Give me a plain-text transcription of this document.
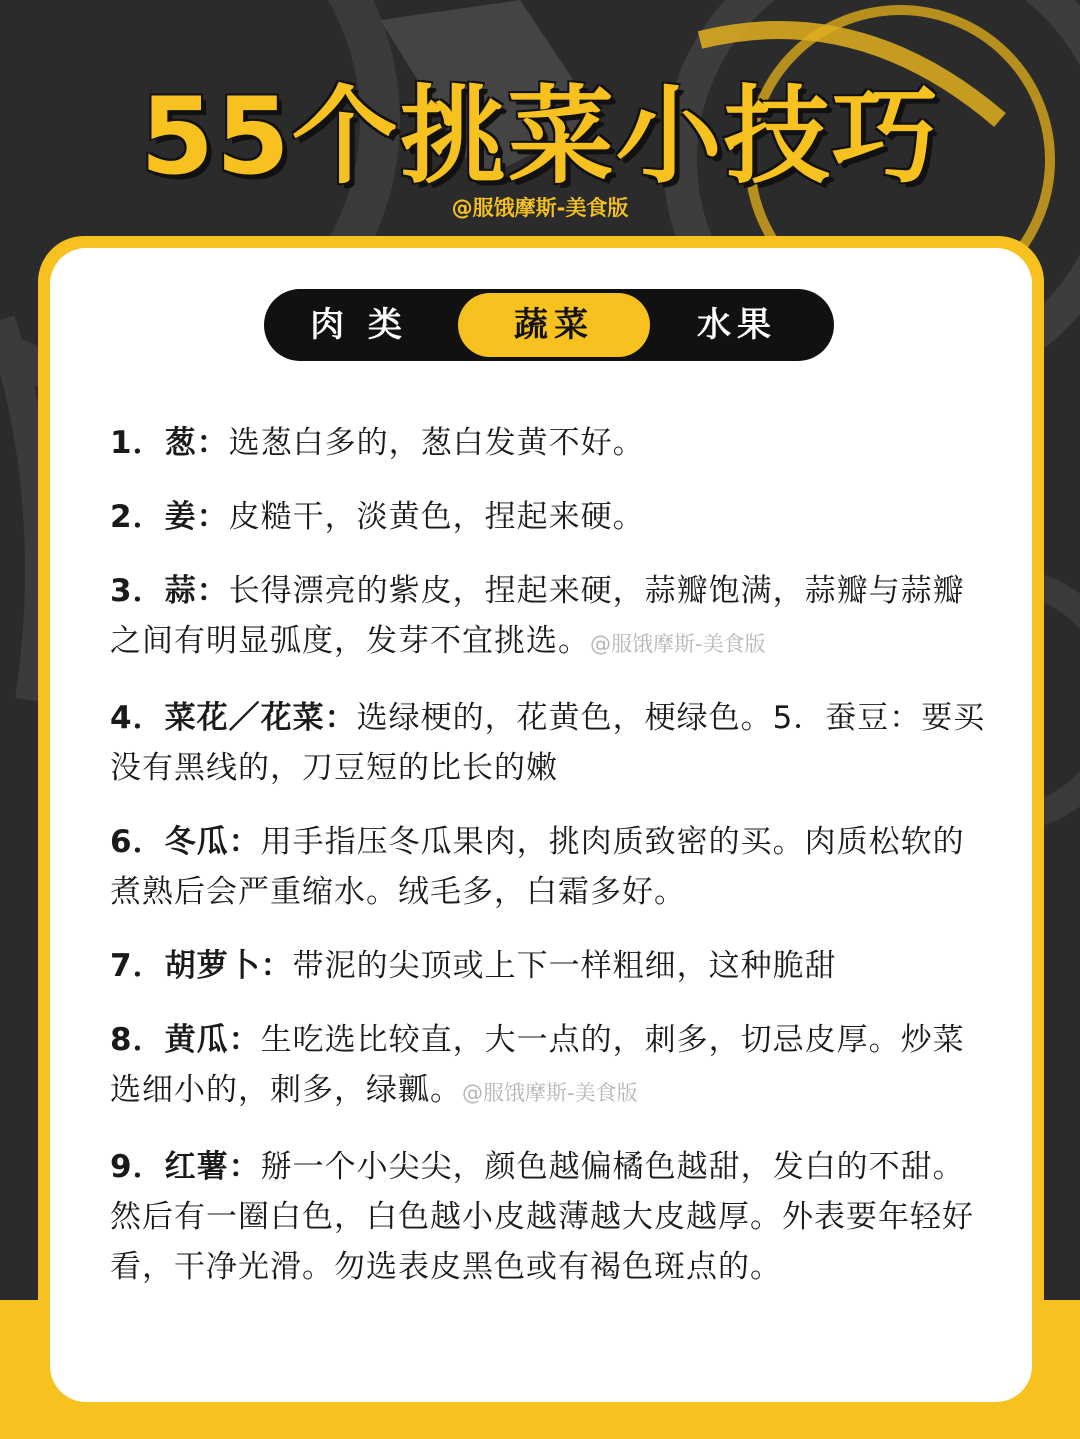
55个挑菜小技巧
@服饿摩斯-美食版
肉 类	蔬菜	水果
1．葱：选葱白多的，葱白发黄不好。
2．姜：皮糙干，淡黄色，捏起来硬。
3．蒜：长得漂亮的紫皮，捏起来硬，蒜瓣饱满，蒜瓣与蒜瓣之间有明显弧度，发芽不宜挑选。@服饿摩斯-美食版
4．菜花／花菜：选绿梗的，花黄色，梗绿色。5．蚕豆：要买没有黑线的，刀豆短的比长的嫩
6．冬瓜：用手指压冬瓜果肉，挑肉质致密的买。肉质松软的煮熟后会严重缩水。绒毛多，白霜多好。
7．胡萝卜：带泥的尖顶或上下一样粗细，这种脆甜
8．黄瓜：生吃选比较直，大一点的，刺多，切忌皮厚。炒菜选细小的，刺多，绿瓤。@服饿摩斯-美食版
9．红薯：掰一个小尖尖，颜色越偏橘色越甜，发白的不甜。然后有一圈白色，白色越小皮越薄越大皮越厚。外表要年轻好看，干净光滑。勿选表皮黑色或有褐色斑点的。
